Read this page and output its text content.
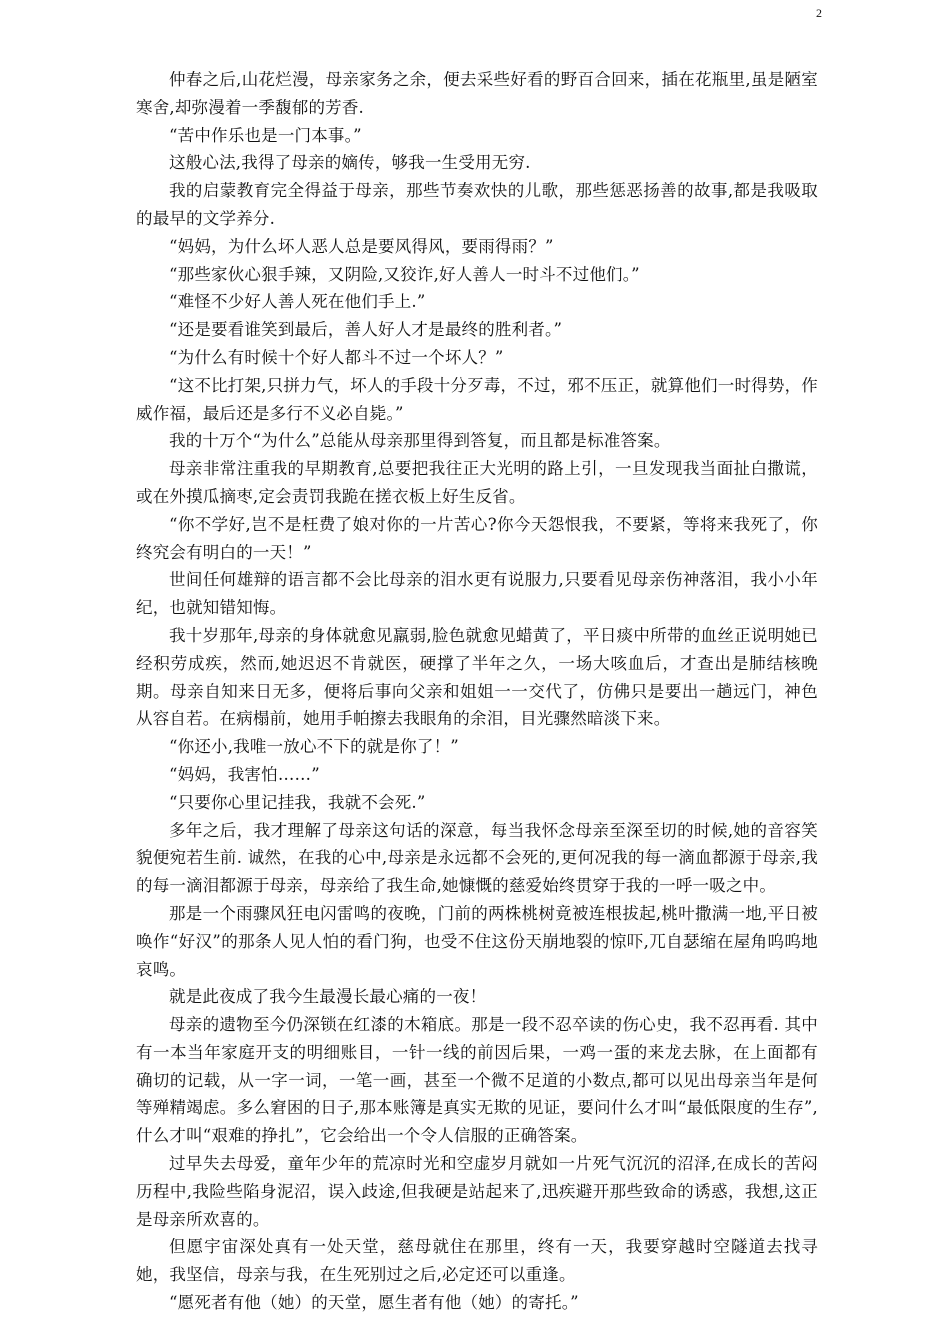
2

仲春之后,山花烂漫，母亲家务之余，便去采些好看的野百合回来，插在花瓶里,虽是陋室寒舍,却弥漫着一季馥郁的芳香.

“苦中作乐也是一门本事。”

这般心法,我得了母亲的嫡传，够我一生受用无穷.

我的启蒙教育完全得益于母亲，那些节奏欢快的儿歌，那些惩恶扬善的故事,都是我吸取的最早的文学养分.

“妈妈，为什么坏人恶人总是要风得风，要雨得雨？”

“那些家伙心狠手辣，又阴险,又狡诈,好人善人一时斗不过他们。”

“难怪不少好人善人死在他们手上.”

“还是要看谁笑到最后，善人好人才是最终的胜利者。”

“为什么有时候十个好人都斗不过一个坏人？”

“这不比打架,只拼力气，坏人的手段十分歹毒，不过，邪不压正，就算他们一时得势，作威作福，最后还是多行不义必自毙。”

我的十万个“为什么”总能从母亲那里得到答复，而且都是标准答案。

母亲非常注重我的早期教育,总要把我往正大光明的路上引，一旦发现我当面扯白撒谎，或在外摸瓜摘枣,定会责罚我跪在搓衣板上好生反省。

“你不学好,岂不是枉费了娘对你的一片苦心?你今天怨恨我，不要紧，等将来我死了，你终究会有明白的一天！”

世间任何雄辩的语言都不会比母亲的泪水更有说服力,只要看见母亲伤神落泪，我小小年纪，也就知错知悔。

我十岁那年,母亲的身体就愈见羸弱,脸色就愈见蜡黄了，平日痰中所带的血丝正说明她已经积劳成疾，然而,她迟迟不肯就医，硬撑了半年之久，一场大咳血后，才查出是肺结核晚期。母亲自知来日无多，便将后事向父亲和姐姐一一交代了，仿佛只是要出一趟远门，神色从容自若。在病榻前，她用手帕擦去我眼角的余泪，目光骤然暗淡下来。

“你还小,我唯一放心不下的就是你了！”

“妈妈，我害怕……”

“只要你心里记挂我，我就不会死.”

多年之后，我才理解了母亲这句话的深意，每当我怀念母亲至深至切的时候,她的音容笑貌便宛若生前. 诚然，在我的心中,母亲是永远都不会死的,更何况我的每一滴血都源于母亲,我的每一滴泪都源于母亲，母亲给了我生命,她慷慨的慈爱始终贯穿于我的一呼一吸之中。

那是一个雨骤风狂电闪雷鸣的夜晚，门前的两株桃树竟被连根拔起,桃叶撒满一地,平日被唤作“好汉”的那条人见人怕的看门狗，也受不住这份天崩地裂的惊吓,兀自瑟缩在屋角呜呜地哀鸣。

就是此夜成了我今生最漫长最心痛的一夜！

母亲的遗物至今仍深锁在红漆的木箱底。那是一段不忍卒读的伤心史，我不忍再看. 其中有一本当年家庭开支的明细账目，一针一线的前因后果，一鸡一蛋的来龙去脉，在上面都有确切的记载，从一字一词，一笔一画，甚至一个微不足道的小数点,都可以见出母亲当年是何等殚精竭虑。多么窘困的日子,那本账簿是真实无欺的见证，要问什么才叫“最低限度的生存”,什么才叫“艰难的挣扎”，它会给出一个令人信服的正确答案。

过早失去母爱，童年少年的荒凉时光和空虚岁月就如一片死气沉沉的沼泽,在成长的苦闷历程中,我险些陷身泥沼，误入歧途,但我硬是站起来了,迅疾避开那些致命的诱惑，我想,这正是母亲所欢喜的。

但愿宇宙深处真有一处天堂，慈母就住在那里，终有一天，我要穿越时空隧道去找寻她，我坚信，母亲与我，在生死别过之后,必定还可以重逢。

“愿死者有他（她）的天堂，愿生者有他（她）的寄托。”
